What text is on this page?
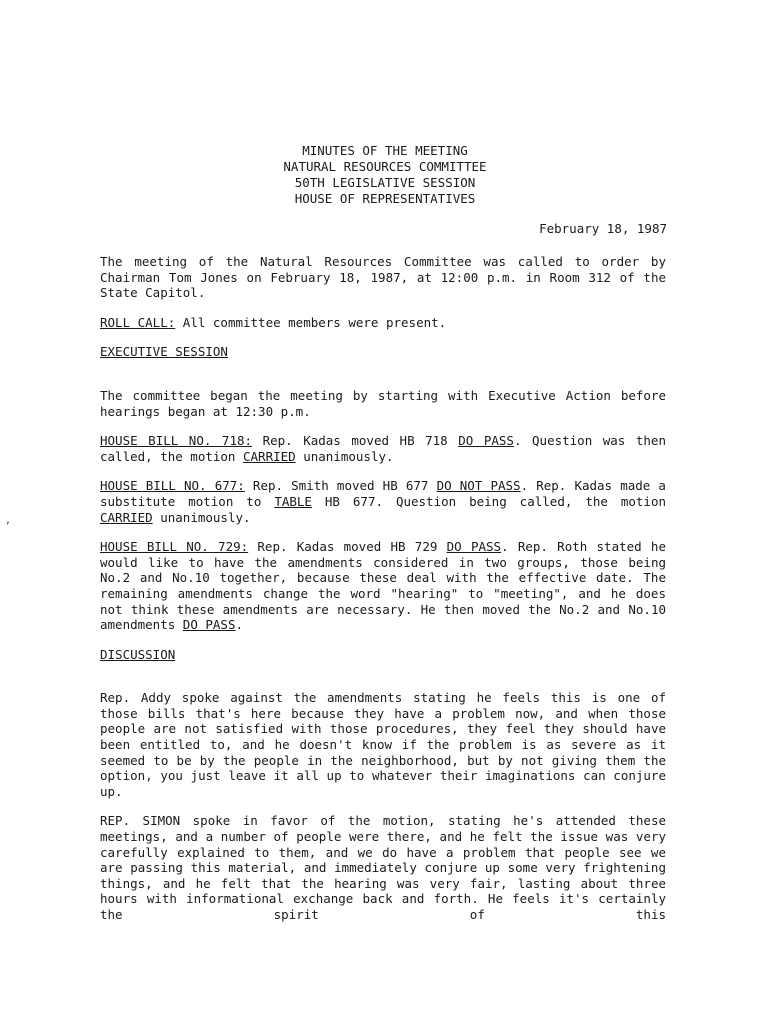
MINUTES OF THE MEETING
NATURAL RESOURCES COMMITTEE
50TH LEGISLATIVE SESSION
HOUSE OF REPRESENTATIVES
February 18, 1987
,

The meeting of the Natural Resources Committee was called to order by Chairman Tom Jones on February 18, 1987, at 12:00 p.m. in Room 312 of the State Capitol.

ROLL CALL: All committee members were present.

EXECUTIVE SESSION

The committee began the meeting by starting with Executive Action before hearings began at 12:30 p.m.

HOUSE BILL NO. 718: Rep. Kadas moved HB 718 DO PASS. Question was then called, the motion CARRIED unanimously.

HOUSE BILL NO. 677: Rep. Smith moved HB 677 DO NOT PASS. Rep. Kadas made a substitute motion to TABLE HB 677. Question being called, the motion CARRIED unanimously.

HOUSE BILL NO. 729: Rep. Kadas moved HB 729 DO PASS. Rep. Roth stated he would like to have the amendments considered in two groups, those being No.2 and No.10 together, because these deal with the effective date. The remaining amendments change the word "hearing" to "meeting", and he does not think these amendments are necessary. He then moved the No.2 and No.10 amendments DO PASS.

DISCUSSION

Rep. Addy spoke against the amendments stating he feels this is one of those bills that's here because they have a problem now, and when those people are not satisfied with those procedures, they feel they should have been entitled to, and he doesn't know if the problem is as severe as it seemed to be by the people in the neighborhood, but by not giving them the option, you just leave it all up to whatever their imaginations can conjure up.

REP. SIMON spoke in favor of the motion, stating he's attended these meetings, and a number of people were there, and he felt the issue was very carefully explained to them, and we do have a problem that people see we are passing this material, and immediately conjure up some very frightening things, and he felt that the hearing was very fair, lasting about three hours with informational exchange back and forth. He feels it's certainly the spirit of this
